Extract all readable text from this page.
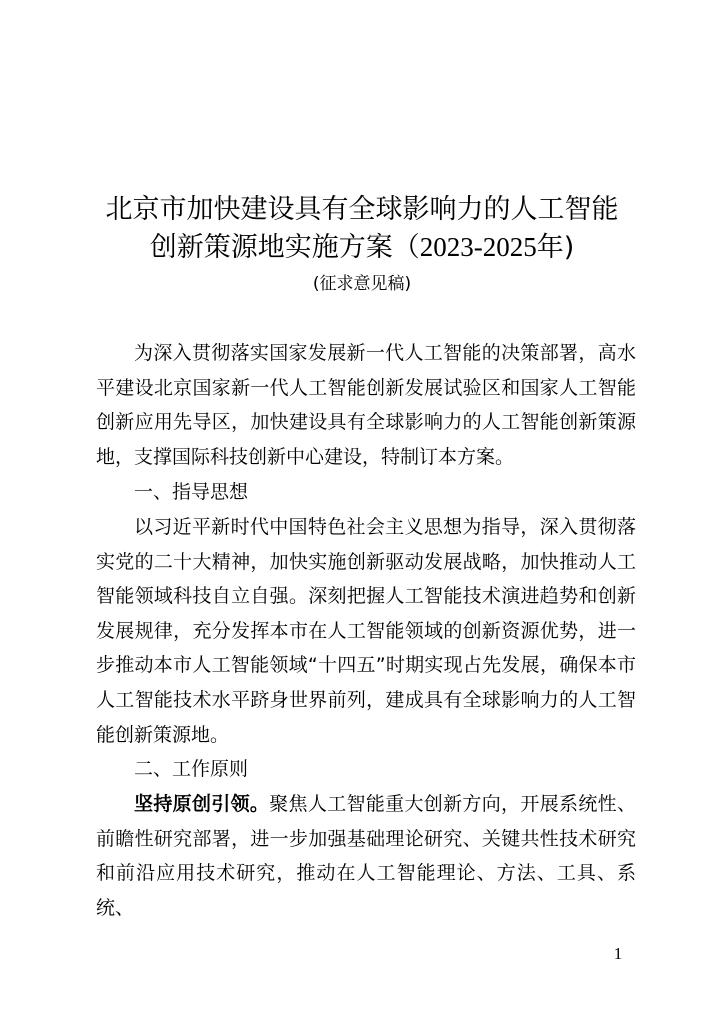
北京市加快建设具有全球影响力的人工智能
创新策源地实施方案（2023-2025年)
(征求意见稿)

为深入贯彻落实国家发展新一代人工智能的决策部署，高水平建设北京国家新一代人工智能创新发展试验区和国家人工智能创新应用先导区，加快建设具有全球影响力的人工智能创新策源地，支撑国际科技创新中心建设，特制订本方案。

一、指导思想

以习近平新时代中国特色社会主义思想为指导，深入贯彻落实党的二十大精神，加快实施创新驱动发展战略，加快推动人工智能领域科技自立自强。深刻把握人工智能技术演进趋势和创新发展规律，充分发挥本市在人工智能领域的创新资源优势，进一步推动本市人工智能领域“十四五”时期实现占先发展，确保本市人工智能技术水平跻身世界前列，建成具有全球影响力的人工智能创新策源地。

二、工作原则

坚持原创引领。聚焦人工智能重大创新方向，开展系统性、前瞻性研究部署，进一步加强基础理论研究、关键共性技术研究和前沿应用技术研究，推动在人工智能理论、方法、工具、系统、

1
